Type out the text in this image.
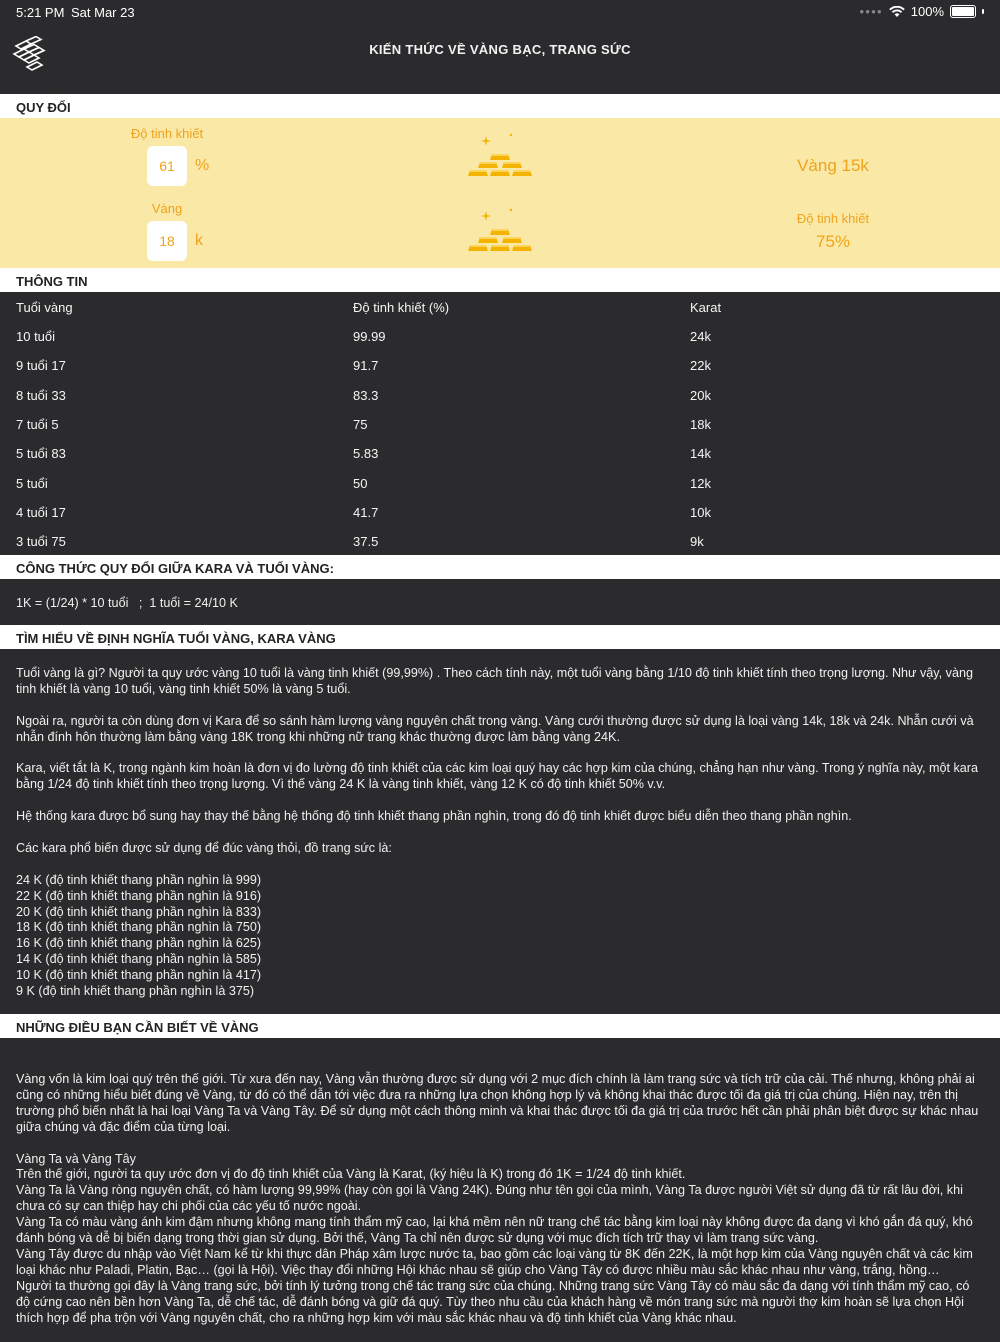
5:21 PM Sat Mar 23	●●●● 100%
KIẾN THỨC VỀ VÀNG BẠC, TRANG SỨC
QUY ĐỔI
Độ tinh khiết
61	%	Vàng 15k
Vàng
18	k
Độ tinh khiết
75%
THÔNG TIN
Tuổi vàng	Độ tinh khiết (%)	Karat
10 tuổi	99.99	24k
9 tuổi 17	91.7	22k
8 tuổi 33	83.3	20k
7 tuổi 5	75	18k
5 tuổi 83	5.83	14k
5 tuổi	50	12k
4 tuổi 17	41.7	10k
3 tuổi 75	37.5	9k
CÔNG THỨC QUY ĐỔI GIỮA KARA VÀ TUỔI VÀNG:
1K = (1/24) * 10 tuổi   ;  1 tuổi = 24/10 K
TÌM HIỂU VỀ ĐỊNH NGHĨA TUỔI VÀNG, KARA VÀNG

Tuổi vàng là gì? Người ta quy ước vàng 10 tuổi là vàng tinh khiết (99,99%) . Theo cách tính này, một tuổi vàng bằng 1/10 độ tinh khiết tính theo trọng lượng. Như vậy, vàng tinh khiết là vàng 10 tuổi, vàng tinh khiết 50% là vàng 5 tuổi.

Ngoài ra, người ta còn dùng đơn vị Kara để so sánh hàm lượng vàng nguyên chất trong vàng. Vàng cưới thường được sử dụng là loại vàng 14k, 18k và 24k. Nhẫn cưới và nhẫn đính hôn thường làm bằng vàng 18K trong khi những nữ trang khác thường được làm bằng vàng 24K.

Kara, viết tắt là K, trong ngành kim hoàn là đơn vị đo lường độ tinh khiết của các kim loại quý hay các hợp kim của chúng, chẳng hạn như vàng. Trong ý nghĩa này, một kara bằng 1/24 độ tinh khiết tính theo trọng lượng. Vì thế vàng 24 K là vàng tinh khiết, vàng 12 K có độ tinh khiết 50% v.v.

Hệ thống kara được bổ sung hay thay thế bằng hệ thống độ tinh khiết thang phần nghìn, trong đó độ tinh khiết được biểu diễn theo thang phần nghìn.

Các kara phổ biến được sử dụng để đúc vàng thỏi, đồ trang sức là:

24 K (độ tinh khiết thang phần nghìn là 999)
22 K (độ tinh khiết thang phần nghìn là 916)
20 K (độ tinh khiết thang phần nghìn là 833)
18 K (độ tinh khiết thang phần nghìn là 750)
16 K (độ tinh khiết thang phần nghìn là 625)
14 K (độ tinh khiết thang phần nghìn là 585)
10 K (độ tinh khiết thang phần nghìn là 417)
9 K (độ tinh khiết thang phần nghìn là 375)

NHỮNG ĐIỀU BẠN CẦN BIẾT VỀ VÀNG

Vàng vốn là kim loại quý trên thế giới. Từ xưa đến nay, Vàng vẫn thường được sử dụng với 2 mục đích chính là làm trang sức và tích trữ của cải. Thế nhưng, không phải ai cũng có những hiểu biết đúng về Vàng, từ đó có thể dẫn tới việc đưa ra những lựa chọn không hợp lý và không khai thác được tối đa giá trị của chúng. Hiện nay, trên thị trường phổ biến nhất là hai loại Vàng Ta và Vàng Tây. Để sử dụng một cách thông minh và khai thác được tối đa giá trị của trước hết cần phải phân biệt được sự khác nhau giữa chúng và đặc điểm của từng loại.

Vàng Ta và Vàng Tây
Trên thế giới, người ta quy ước đơn vị đo độ tinh khiết của Vàng là Karat, (ký hiệu là K) trong đó 1K = 1/24 độ tinh khiết.
Vàng Ta là Vàng ròng nguyên chất, có hàm lượng 99,99% (hay còn gọi là Vàng 24K). Đúng như tên gọi của mình, Vàng Ta được người Việt sử dụng đã từ rất lâu đời, khi chưa có sự can thiệp hay chi phối của các yếu tố nước ngoài.
Vàng Ta có màu vàng ánh kim đậm nhưng không mang tính thẩm mỹ cao, lại khá mềm nên nữ trang chế tác bằng kim loại này không được đa dạng vì khó gắn đá quý, khó đánh bóng và dễ bị biến dạng trong thời gian sử dụng. Bởi thế, Vàng Ta chỉ nên được sử dụng với mục đích tích trữ thay vì làm trang sức vàng.
Vàng Tây được du nhập vào Việt Nam kể từ khi thực dân Pháp xâm lược nước ta, bao gồm các loại vàng từ 8K đến 22K, là một hợp kim của Vàng nguyên chất và các kim loại khác như Paladi, Platin, Bạc… (gọi là Hội). Việc thay đổi những Hội khác nhau sẽ giúp cho Vàng Tây có được nhiều màu sắc khác nhau như vàng, trắng, hồng…
Người ta thường gọi đây là Vàng trang sức, bởi tính lý tưởng trong chế tác trang sức của chúng. Những trang sức Vàng Tây có màu sắc đa dạng với tính thẩm mỹ cao, có độ cứng cao nên bền hơn Vàng Ta, dễ chế tác, dễ đánh bóng và giữ đá quý. Tùy theo nhu cầu của khách hàng về món trang sức mà người thợ kim hoàn sẽ lựa chọn Hội thích hợp để pha trộn với Vàng nguyên chất, cho ra những hợp kim với màu sắc khác nhau và độ tinh khiết của Vàng khác nhau.
